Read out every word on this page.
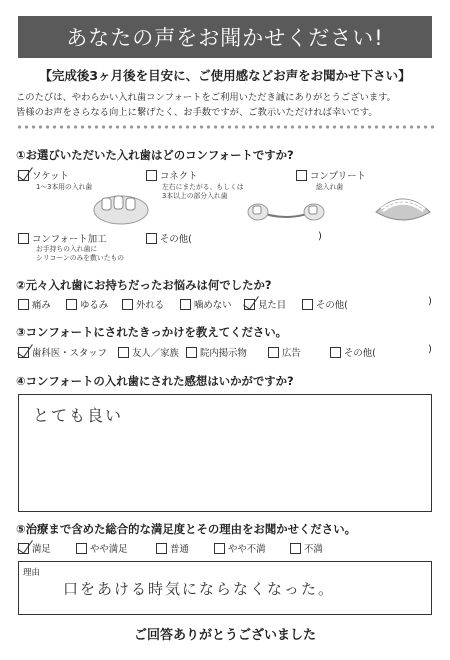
あなたの声をお聞かせください!
【完成後3ヶ月後を目安に、ご使用感などお声をお聞かせ下さい】
このたびは、やわらかい入れ歯コンフォートをご利用いただき誠にありがとうございます。
皆様のお声をさらなる向上に繋げたく、お手数ですが、ご教示いただければ幸いです。
①お選びいただいた入れ歯はどのコンフォートですか?
ソケット
1～3本用の入れ歯
コネクト
左右にまたがる、もしくは
3本以上の部分入れ歯
コンプリート
総入れ歯
コンフォート加工
お手持ちの入れ歯に
シリコーンのみを敷いたもの
その他(	)
②元々入れ歯にお持ちだったお悩みは何でしたか?
痛み	ゆるみ	外れる	噛めない	見た目	その他(	)
③コンフォートにされたきっかけを教えてください。
歯科医・スタッフ	友人／家族 院内掲示物	広告	その他(	)
④コンフォートの入れ歯にされた感想はいかがですか?
とても良い
⑤治療まで含めた総合的な満足度とその理由をお聞かせください。
満足	やや満足	普通	やや不満	不満
理由
口をあける時気にならなくなった。
ご回答ありがとうございました
